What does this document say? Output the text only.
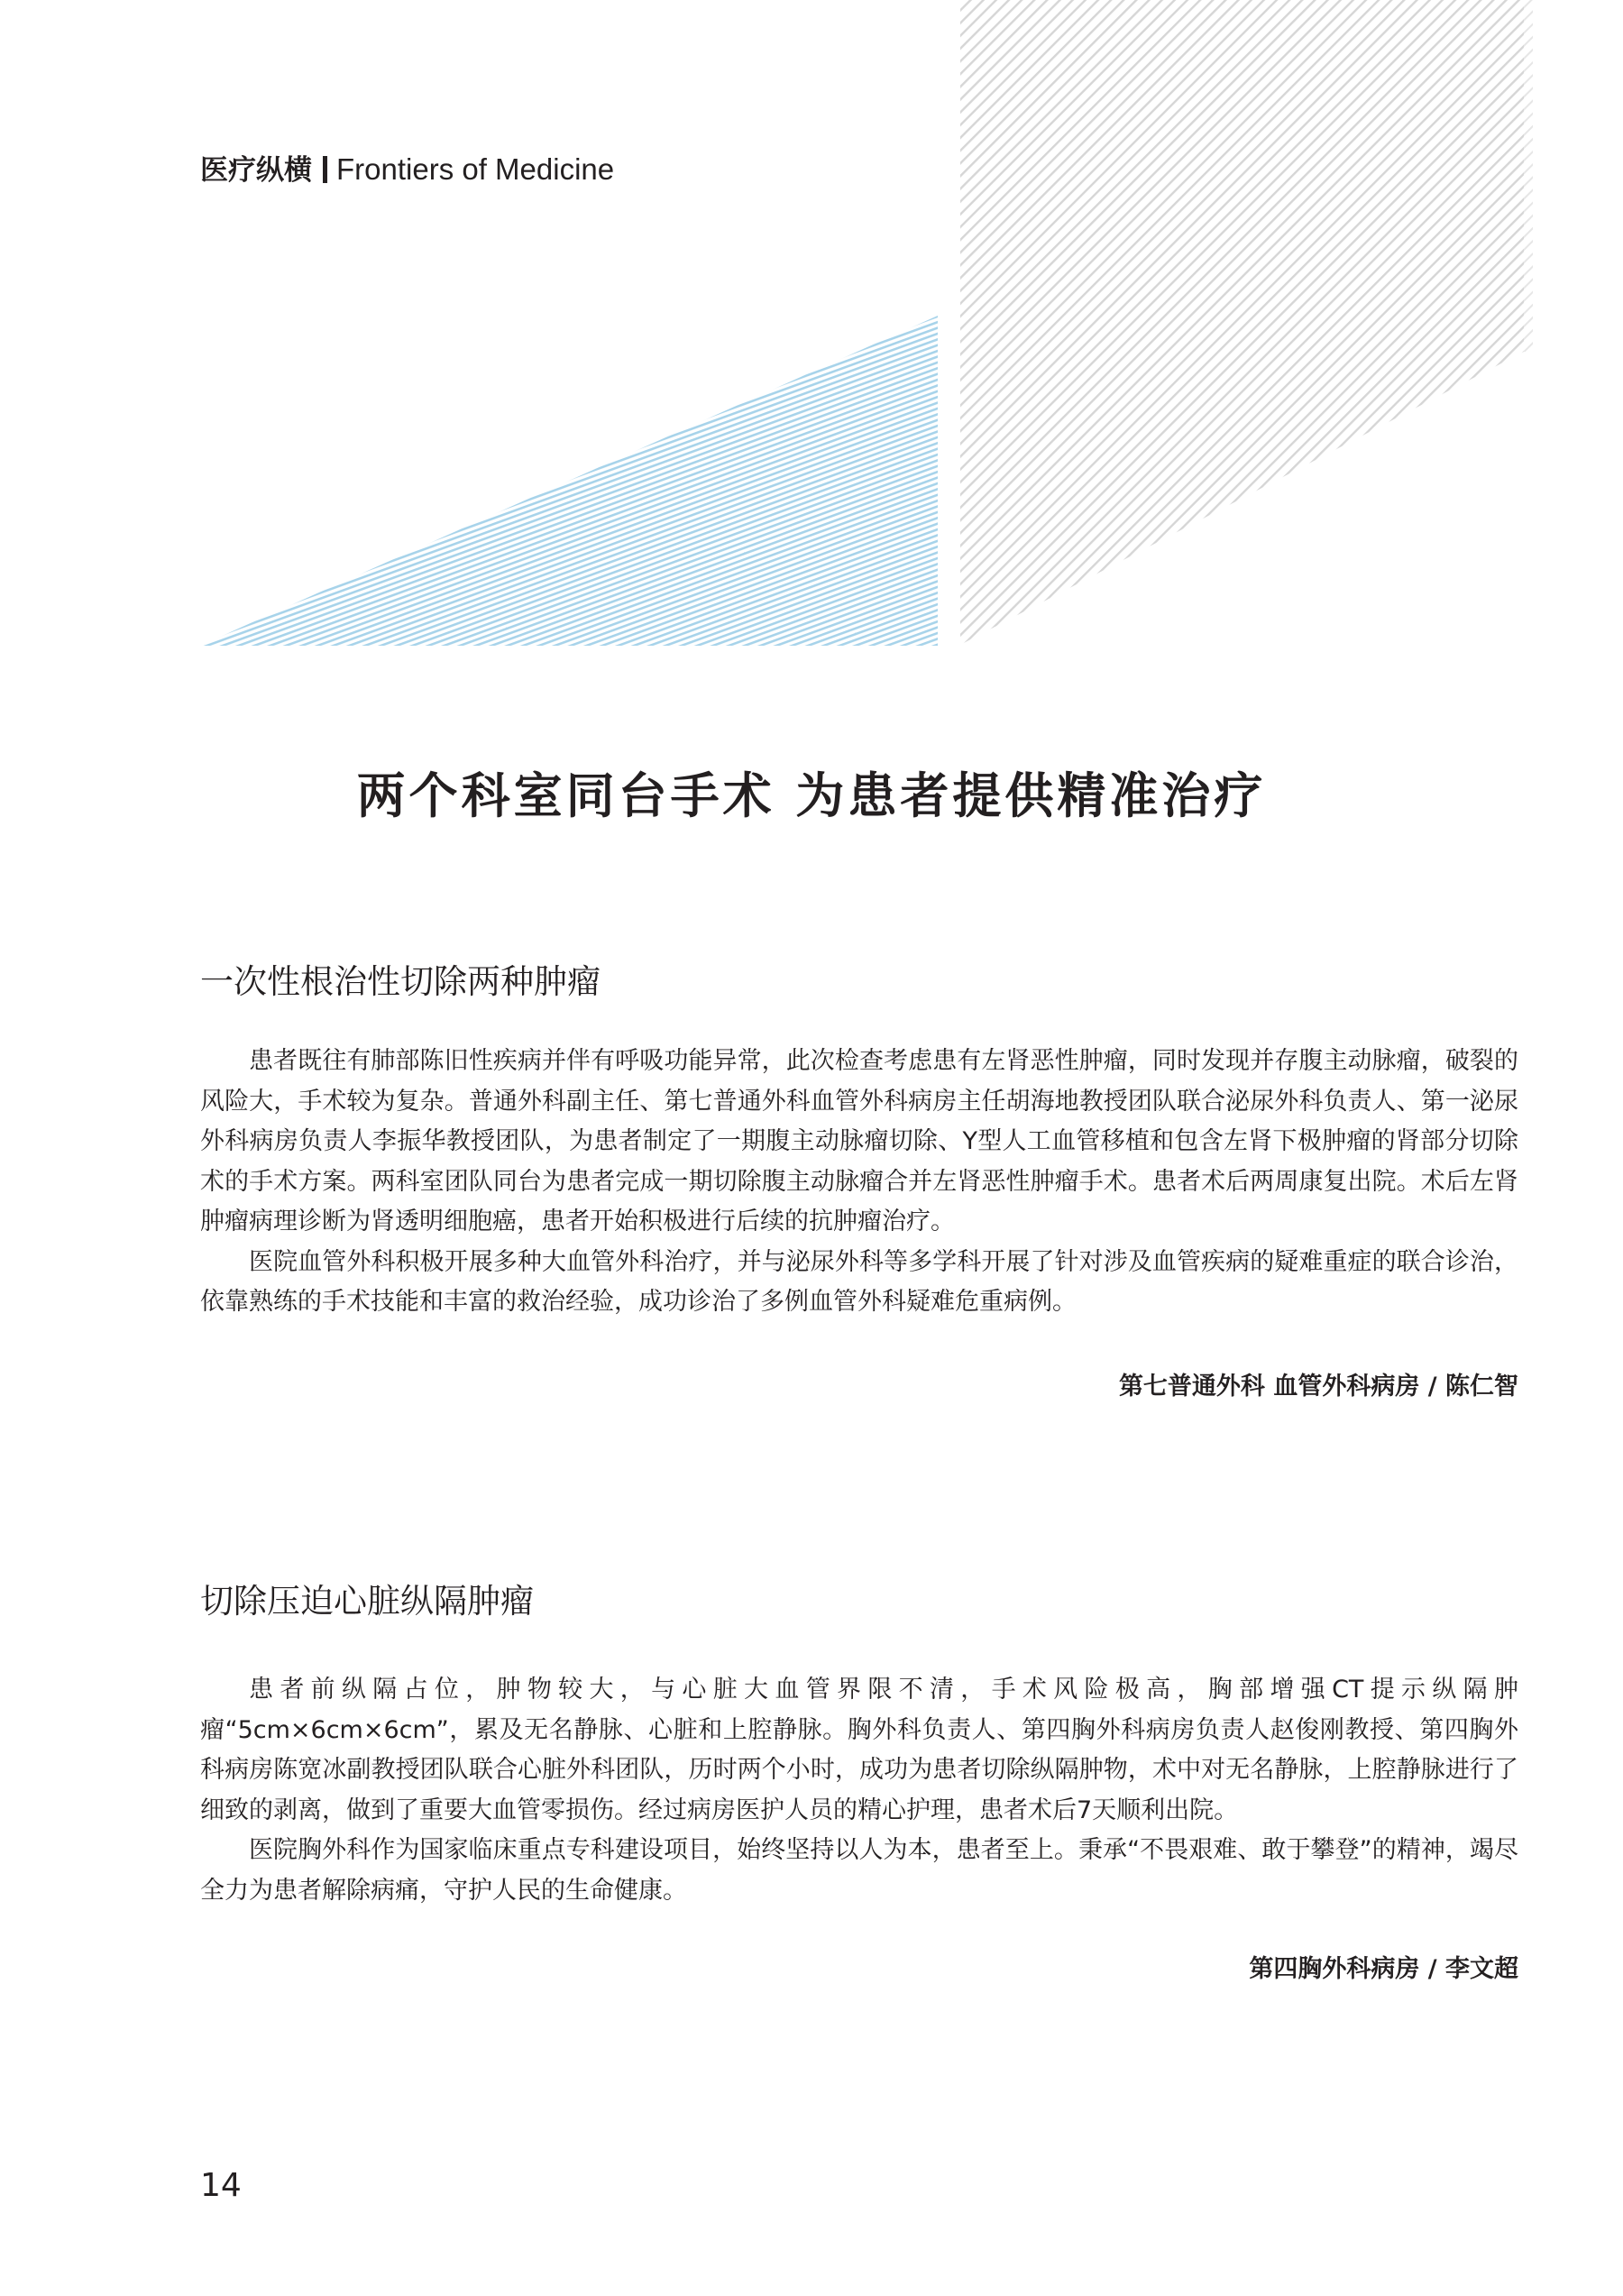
医疗纵横 Frontiers of Medicine
两个科室同台手术 为患者提供精准治疗
一次性根治性切除两种肿瘤

患者既往有肺部陈旧性疾病并伴有呼吸功能异常，此次检查考虑患有左肾恶性肿瘤，同时发现并存腹主动脉瘤，破裂的风险大，手术较为复杂。普通外科副主任、第七普通外科血管外科病房主任胡海地教授团队联合泌尿外科负责人、第一泌尿外科病房负责人李振华教授团队，为患者制定了一期腹主动脉瘤切除、Y型人工血管移植和包含左肾下极肿瘤的肾部分切除术的手术方案。两科室团队同台为患者完成一期切除腹主动脉瘤合并左肾恶性肿瘤手术。患者术后两周康复出院。术后左肾肿瘤病理诊断为肾透明细胞癌，患者开始积极进行后续的抗肿瘤治疗。

医院血管外科积极开展多种大血管外科治疗，并与泌尿外科等多学科开展了针对涉及血管疾病的疑难重症的联合诊治，依靠熟练的手术技能和丰富的救治经验，成功诊治了多例血管外科疑难危重病例。

第七普通外科 血管外科病房 / 陈仁智
切除压迫心脏纵隔肿瘤

患者前纵隔占位，肿物较大，与心脏大血管界限不清，手术风险极高，胸部增强CT提示纵隔肿瘤“5cm×6cm×6cm”，累及无名静脉、心脏和上腔静脉。胸外科负责人、第四胸外科病房负责人赵俊刚教授、第四胸外科病房陈宽冰副教授团队联合心脏外科团队，历时两个小时，成功为患者切除纵隔肿物，术中对无名静脉，上腔静脉进行了细致的剥离，做到了重要大血管零损伤。经过病房医护人员的精心护理，患者术后7天顺利出院。

医院胸外科作为国家临床重点专科建设项目，始终坚持以人为本，患者至上。秉承“不畏艰难、敢于攀登”的精神，竭尽全力为患者解除病痛，守护人民的生命健康。

第四胸外科病房 / 李文超
14
